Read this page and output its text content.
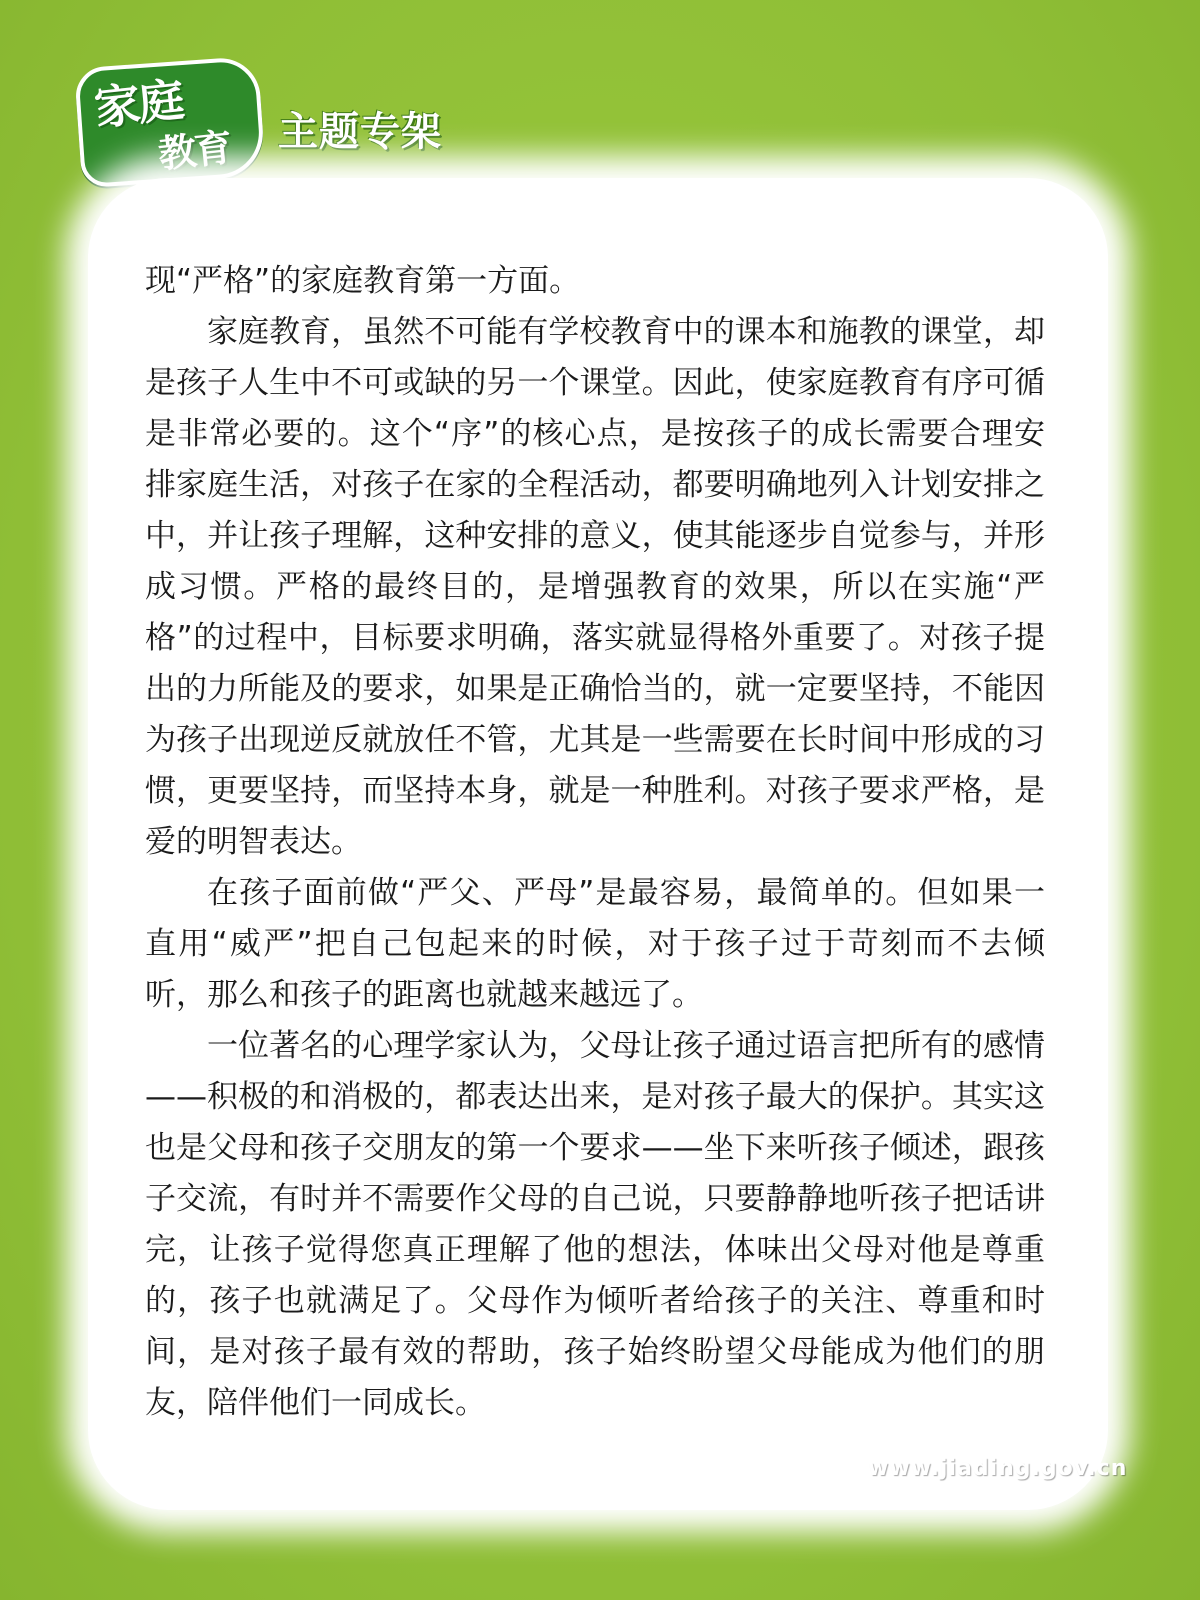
家庭
教育 主题专架

现“严格”的家庭教育第一方面。

家庭教育，虽然不可能有学校教育中的课本和施教的课堂，却是孩子人生中不可或缺的另一个课堂。因此，使家庭教育有序可循是非常必要的。这个“序”的核心点，是按孩子的成长需要合理安排家庭生活，对孩子在家的全程活动，都要明确地列入计划安排之中，并让孩子理解，这种安排的意义，使其能逐步自觉参与，并形成习惯。严格的最终目的，是增强教育的效果，所以在实施“严格”的过程中，目标要求明确，落实就显得格外重要了。对孩子提出的力所能及的要求，如果是正确恰当的，就一定要坚持，不能因为孩子出现逆反就放任不管，尤其是一些需要在长时间中形成的习惯，更要坚持，而坚持本身，就是一种胜利。对孩子要求严格，是爱的明智表达。

在孩子面前做“严父、严母”是最容易，最简单的。但如果一直用“威严”把自己包起来的时候，对于孩子过于苛刻而不去倾听，那么和孩子的距离也就越来越远了。

一位著名的心理学家认为，父母让孩子通过语言把所有的感情——积极的和消极的，都表达出来，是对孩子最大的保护。其实这也是父母和孩子交朋友的第一个要求——坐下来听孩子倾述，跟孩子交流，有时并不需要作父母的自己说，只要静静地听孩子把话讲完，让孩子觉得您真正理解了他的想法，体味出父母对他是尊重的，孩子也就满足了。父母作为倾听者给孩子的关注、尊重和时间，是对孩子最有效的帮助，孩子始终盼望父母能成为他们的朋友，陪伴他们一同成长。

上海嘉定
www.jiading.gov.cn
